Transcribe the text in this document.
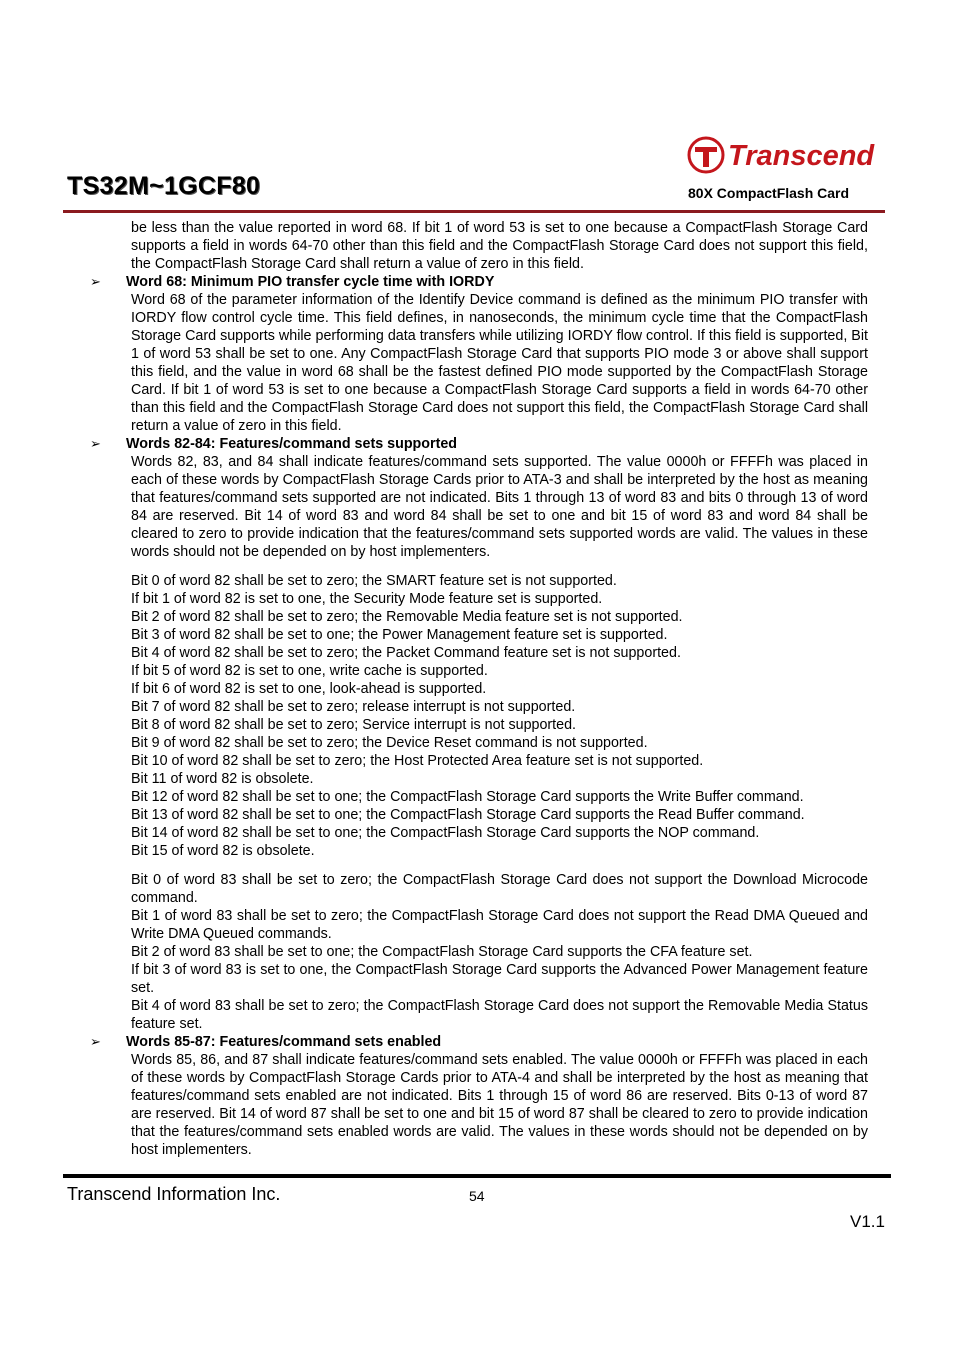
Transcend
TS32M~1GCF80	80X CompactFlash Card

be less than the value reported in word 68. If bit 1 of word 53 is set to one because a CompactFlash Storage Card supports a field in words 64-70 other than this field and the CompactFlash Storage Card does not support this field, the CompactFlash Storage Card shall return a value of zero in this field.

➢ Word 68: Minimum PIO transfer cycle time with IORDY

Word 68 of the parameter information of the Identify Device command is defined as the minimum PIO transfer with IORDY flow control cycle time. This field defines, in nanoseconds, the minimum cycle time that the CompactFlash Storage Card supports while performing data transfers while utilizing IORDY flow control. If this field is supported, Bit 1 of word 53 shall be set to one. Any CompactFlash Storage Card that supports PIO mode 3 or above shall support this field, and the value in word 68 shall be the fastest defined PIO mode supported by the CompactFlash Storage Card. If bit 1 of word 53 is set to one because a CompactFlash Storage Card supports a field in words 64-70 other than this field and the CompactFlash Storage Card does not support this field, the CompactFlash Storage Card shall return a value of zero in this field.

➢ Words 82-84: Features/command sets supported

Words 82, 83, and 84 shall indicate features/command sets supported. The value 0000h or FFFFh was placed in each of these words by CompactFlash Storage Cards prior to ATA-3 and shall be interpreted by the host as meaning that features/command sets supported are not indicated. Bits 1 through 13 of word 83 and bits 0 through 13 of word 84 are reserved. Bit 14 of word 83 and word 84 shall be set to one and bit 15 of word 83 and word 84 shall be cleared to zero to provide indication that the features/command sets supported words are valid. The values in these words should not be depended on by host implementers.

Bit 0 of word 82 shall be set to zero; the SMART feature set is not supported.
If bit 1 of word 82 is set to one, the Security Mode feature set is supported.
Bit 2 of word 82 shall be set to zero; the Removable Media feature set is not supported.
Bit 3 of word 82 shall be set to one; the Power Management feature set is supported.
Bit 4 of word 82 shall be set to zero; the Packet Command feature set is not supported.
If bit 5 of word 82 is set to one, write cache is supported.
If bit 6 of word 82 is set to one, look-ahead is supported.
Bit 7 of word 82 shall be set to zero; release interrupt is not supported.
Bit 8 of word 82 shall be set to zero; Service interrupt is not supported.
Bit 9 of word 82 shall be set to zero; the Device Reset command is not supported.
Bit 10 of word 82 shall be set to zero; the Host Protected Area feature set is not supported.
Bit 11 of word 82 is obsolete.
Bit 12 of word 82 shall be set to one; the CompactFlash Storage Card supports the Write Buffer command.
Bit 13 of word 82 shall be set to one; the CompactFlash Storage Card supports the Read Buffer command.
Bit 14 of word 82 shall be set to one; the CompactFlash Storage Card supports the NOP command.
Bit 15 of word 82 is obsolete.

Bit 0 of word 83 shall be set to zero; the CompactFlash Storage Card does not support the Download Microcode command.

Bit 1 of word 83 shall be set to zero; the CompactFlash Storage Card does not support the Read DMA Queued and Write DMA Queued commands.

Bit 2 of word 83 shall be set to one; the CompactFlash Storage Card supports the CFA feature set.

If bit 3 of word 83 is set to one, the CompactFlash Storage Card supports the Advanced Power Management feature set.

Bit 4 of word 83 shall be set to zero; the CompactFlash Storage Card does not support the Removable Media Status feature set.

➢ Words 85-87: Features/command sets enabled

Words 85, 86, and 87 shall indicate features/command sets enabled. The value 0000h or FFFFh was placed in each of these words by CompactFlash Storage Cards prior to ATA-4 and shall be interpreted by the host as meaning that features/command sets enabled are not indicated. Bits 1 through 15 of word 86 are reserved. Bits 0-13 of word 87 are reserved. Bit 14 of word 87 shall be set to one and bit 15 of word 87 shall be cleared to zero to provide indication that the features/command sets enabled words are valid. The values in these words should not be depended on by host implementers.

Transcend Information Inc.	54
V1.1
